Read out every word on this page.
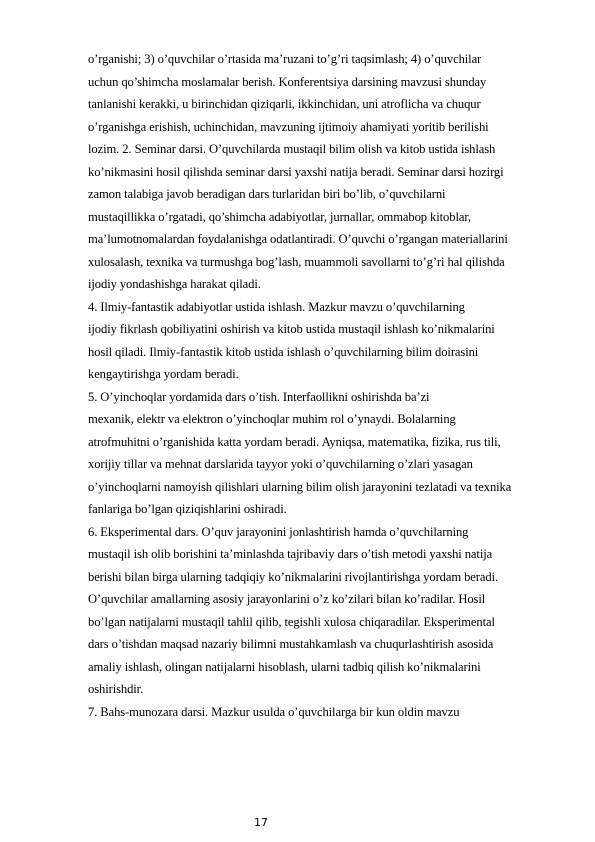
o’rganishi; 3) o’quvchilar o’rtasida ma’ruzani to’g’ri taqsimlash; 4) o’quvchilar
uchun qo’shimcha moslamalar berish. Konferentsiya darsining mavzusi shunday
tanlanishi kerakki, u birinchidan qiziqarli, ikkinchidan, uni atroflicha va chuqur
o’rganishga erishish, uchinchidan, mavzuning ijtimoiy ahamiyati yoritib berilishi
lozim. 2. Seminar darsi. O’quvchilarda mustaqil bilim olish va kitob ustida ishlash
ko’nikmasini hosil qilishda seminar darsi yaxshi natija beradi. Seminar darsi hozirgi
zamon talabiga javob beradigan dars turlaridan biri bo’lib, o’quvchilarni
mustaqillikka o’rgatadi, qo’shimcha adabiyotlar, jurnallar, ommabop kitoblar,
ma’lumotnomalardan foydalanishga odatlantiradi. O’quvchi o’rgangan materiallarini
xulosalash, texnika va turmushga bog’lash, muammoli savollarni to’g’ri hal qilishda
ijodiy yondashishga harakat qiladi.
4. Ilmiy-fantastik adabiyotlar ustida ishlash. Mazkur mavzu o’quvchilarning
ijodiy fikrlash qobiliyatini oshirish va kitob ustida mustaqil ishlash ko’nikmalarini
hosil qiladi. Ilmiy-fantastik kitob ustida ishlash o’quvchilarning bilim doirasini
kengaytirishga yordam beradi.
5. O’yinchoqlar yordamida dars o’tish. Interfaollikni oshirishda ba’zi
mexanik, elektr va elektron o’yinchoqlar muhim rol o’ynaydi. Bolalarning
atrofmuhitni o’rganishida katta yordam beradi. Ayniqsa, matematika, fizika, rus tili,
xorijiy tillar va mehnat darslarida tayyor yoki o’quvchilarning o’zlari yasagan
o’yinchoqlarni namoyish qilishlari ularning bilim olish jarayonini tezlatadi va texnika
fanlariga bo’lgan qiziqishlarini oshiradi.
6. Eksperimental dars. O’quv jarayonini jonlashtirish hamda o’quvchilarning
mustaqil ish olib borishini ta’minlashda tajribaviy dars o’tish metodi yaxshi natija
berishi bilan birga ularning tadqiqiy ko’nikmalarini rivojlantirishga yordam beradi.
O’quvchilar amallarning asosiy jarayonlarini o’z ko’zilari bilan ko’radilar. Hosil
bo’lgan natijalarni mustaqil tahlil qilib, tegishli xulosa chiqaradilar. Eksperimental
dars o’tishdan maqsad nazariy bilimni mustahkamlash va chuqurlashtirish asosida
amaliy ishlash, olingan natijalarni hisoblash, ularni tadbiq qilish ko’nikmalarini
oshirishdir.
7. Bahs-munozara darsi. Mazkur usulda o’quvchilarga bir kun oldin mavzu
17
